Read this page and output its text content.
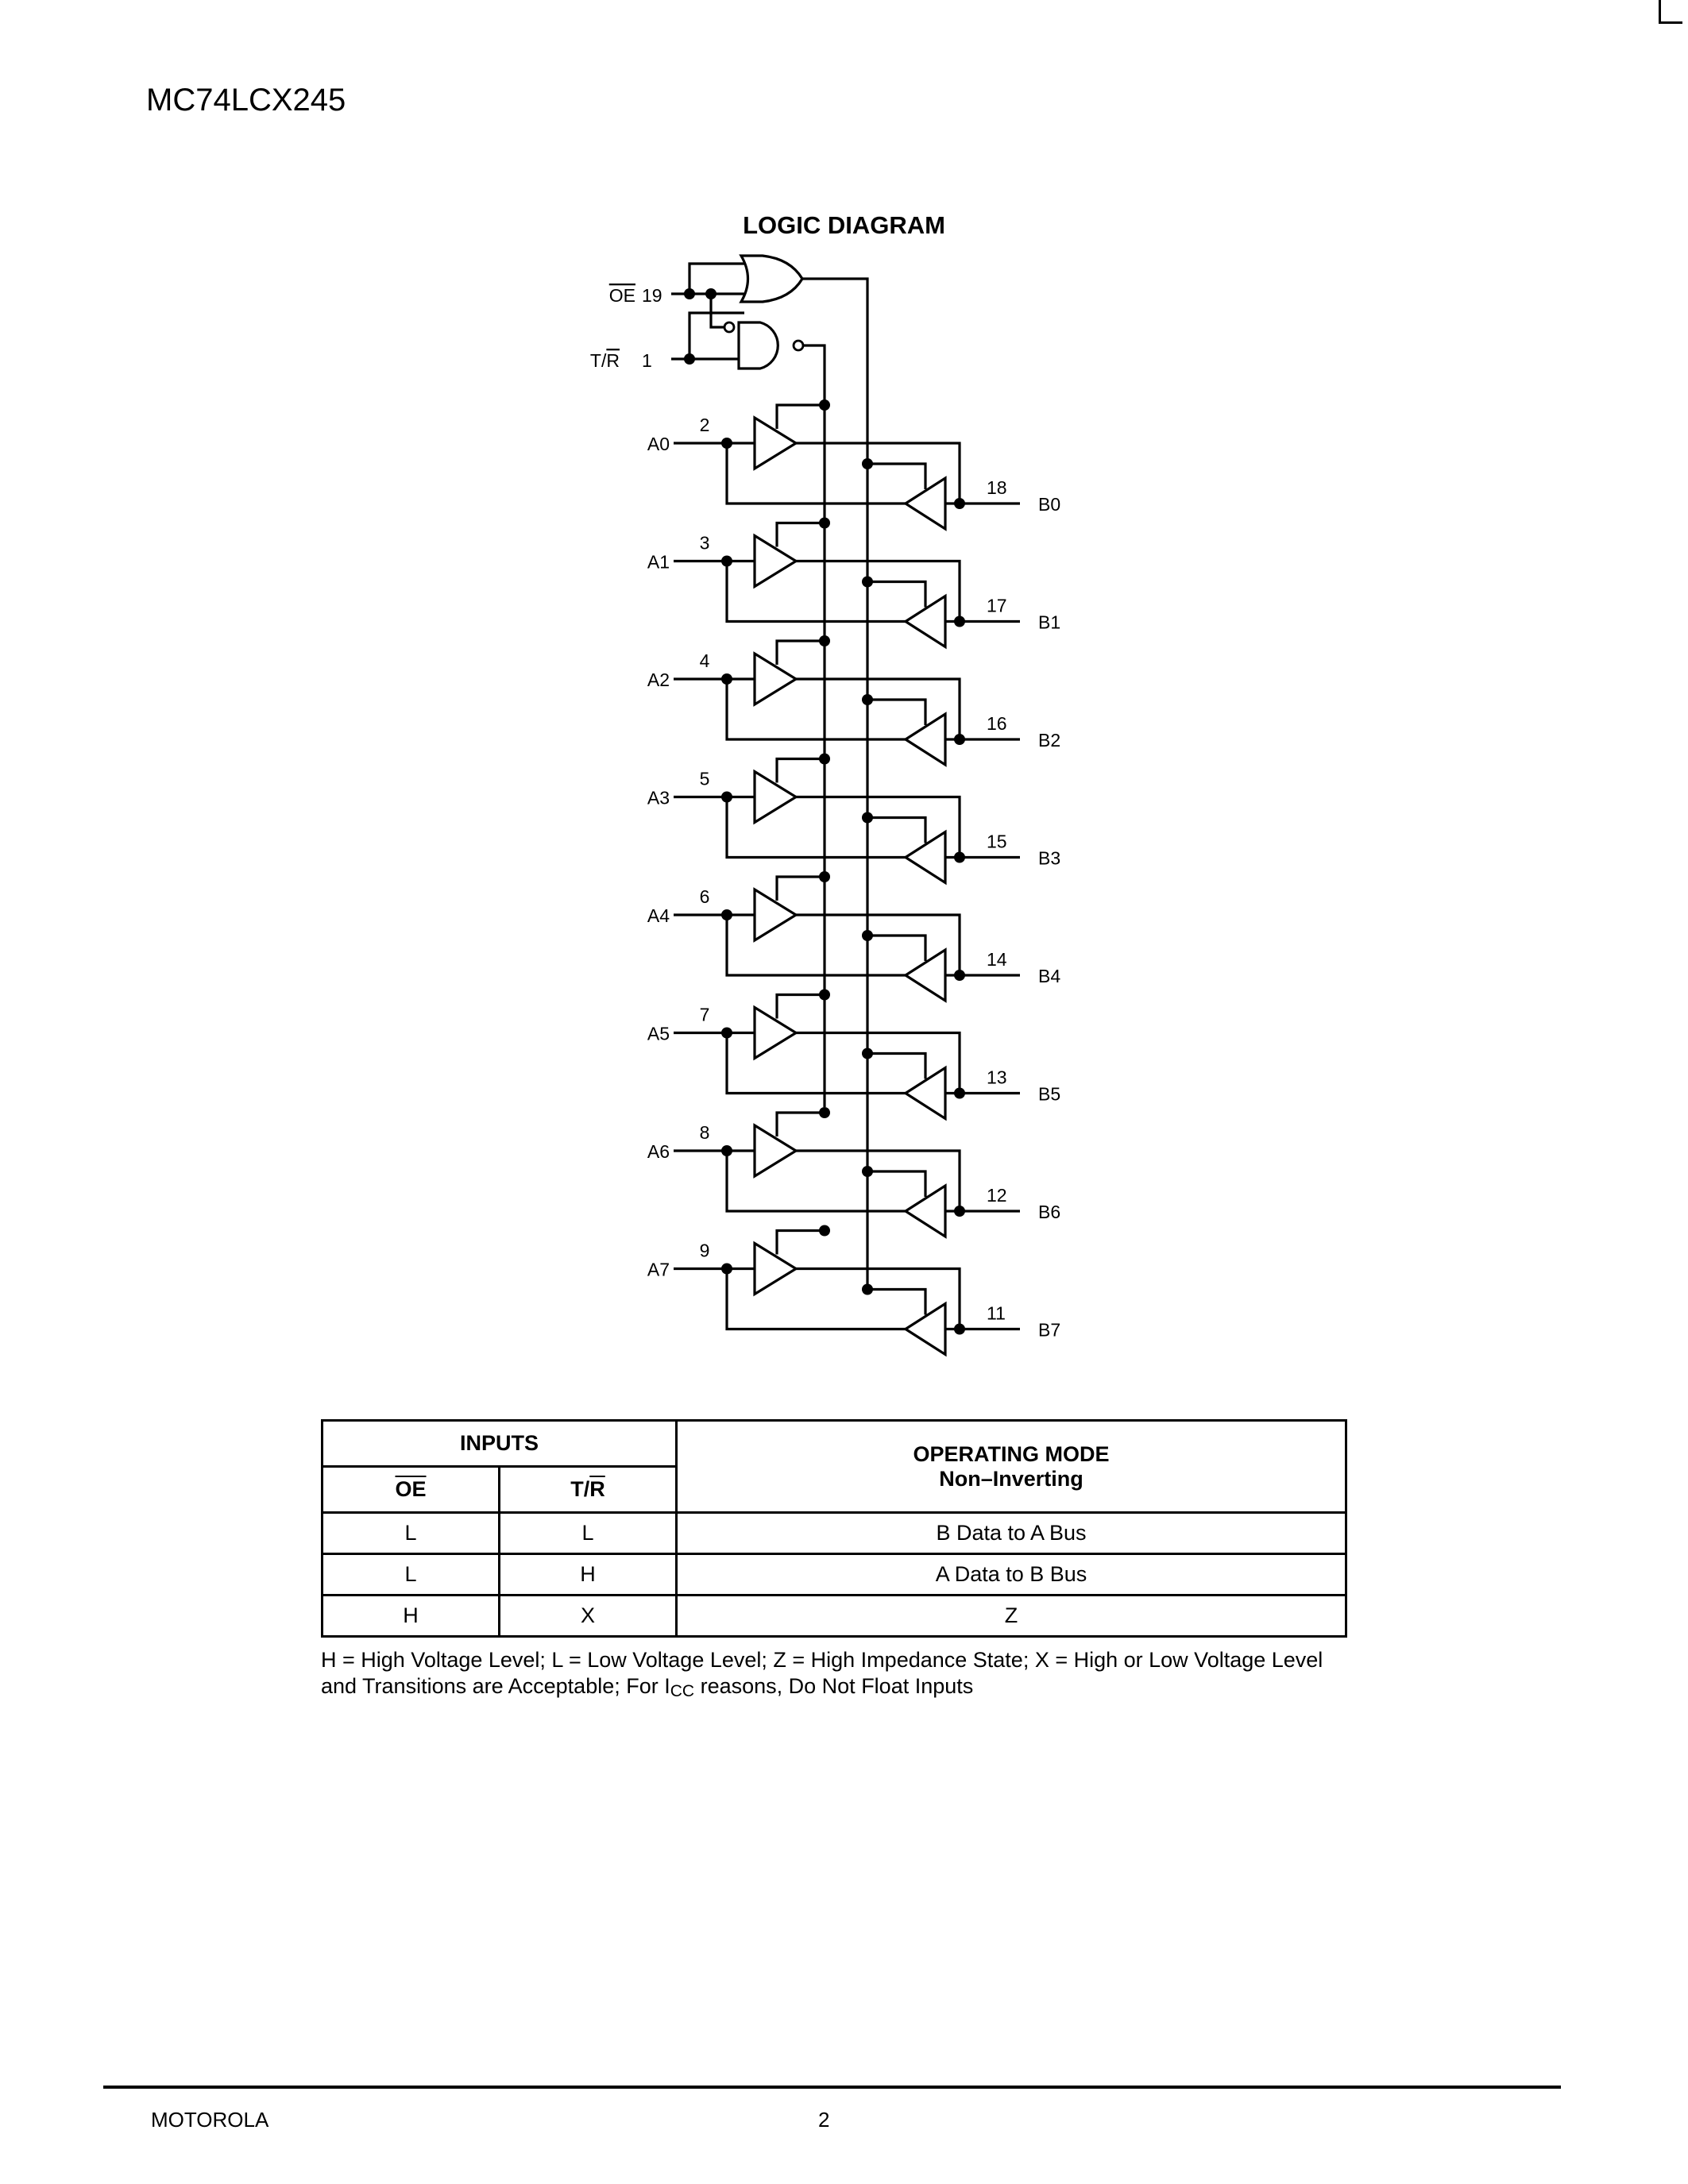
MC74LCX245
LOGIC DIAGRAM
OE 19
1
T/R
A0
2
18
B0
A1
3
17
B1
A2
4
16
B2
A3
5
15
B3
A4
6
14
B4
A5
7
13
B5
A6
8
12
B6
A7
9
11
B7
INPUTS		OPERATING MODE
Non–Inverting

$\overline{OE}$	$T/\overline{R}$
L	L	B Data to A Bus
L	H	A Data to B Bus
H	X	Z
H = High Voltage Level; L = Low Voltage Level; Z = High Impedance State; X = High or Low Voltage Level
and Transitions are Acceptable; For $I_{CC}$ reasons, Do Not Float Inputs
MOTOROLA	2
